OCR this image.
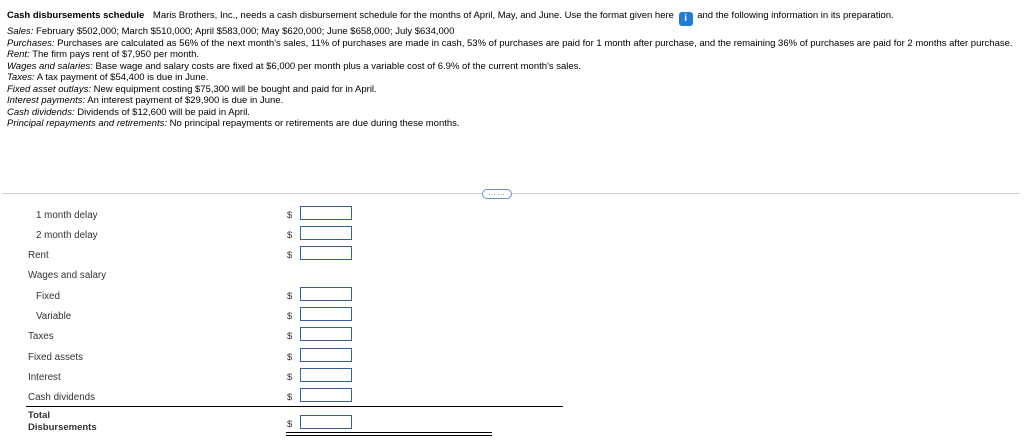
Cash disbursements schedule Maris Brothers, Inc., needs a cash disbursement schedule for the months of April, May, and June. Use the format given here i and the following information in its preparation.

Sales: February $502,000; March $510,000; April $583,000; May $620,000; June $658,000; July $634,000

Purchases: Purchases are calculated as 56% of the next month's sales, 11% of purchases are made in cash, 53% of purchases are paid for 1 month after purchase, and the remaining 36% of purchases are paid for 2 months after purchase.

Rent: The firm pays rent of $7,950 per month.

Wages and salaries: Base wage and salary costs are fixed at $6,000 per month plus a variable cost of 6.9% of the current month's sales.

Taxes: A tax payment of $54,400 is due in June.

Fixed asset outlays: New equipment costing $75,300 will be bought and paid for in April.

Interest payments: An interest payment of $29,900 is due in June.

Cash dividends: Dividends of $12,600 will be paid in April.

Principal repayments and retirements: No principal repayments or retirements are due during these months.

……
1 month delay	$
2 month delay	$
Rent	$
Wages and salary
Fixed	$
Variable	$
Taxes	$
Fixed assets	$
Interest	$
Cash dividends	$
Total
Disbursements	$
